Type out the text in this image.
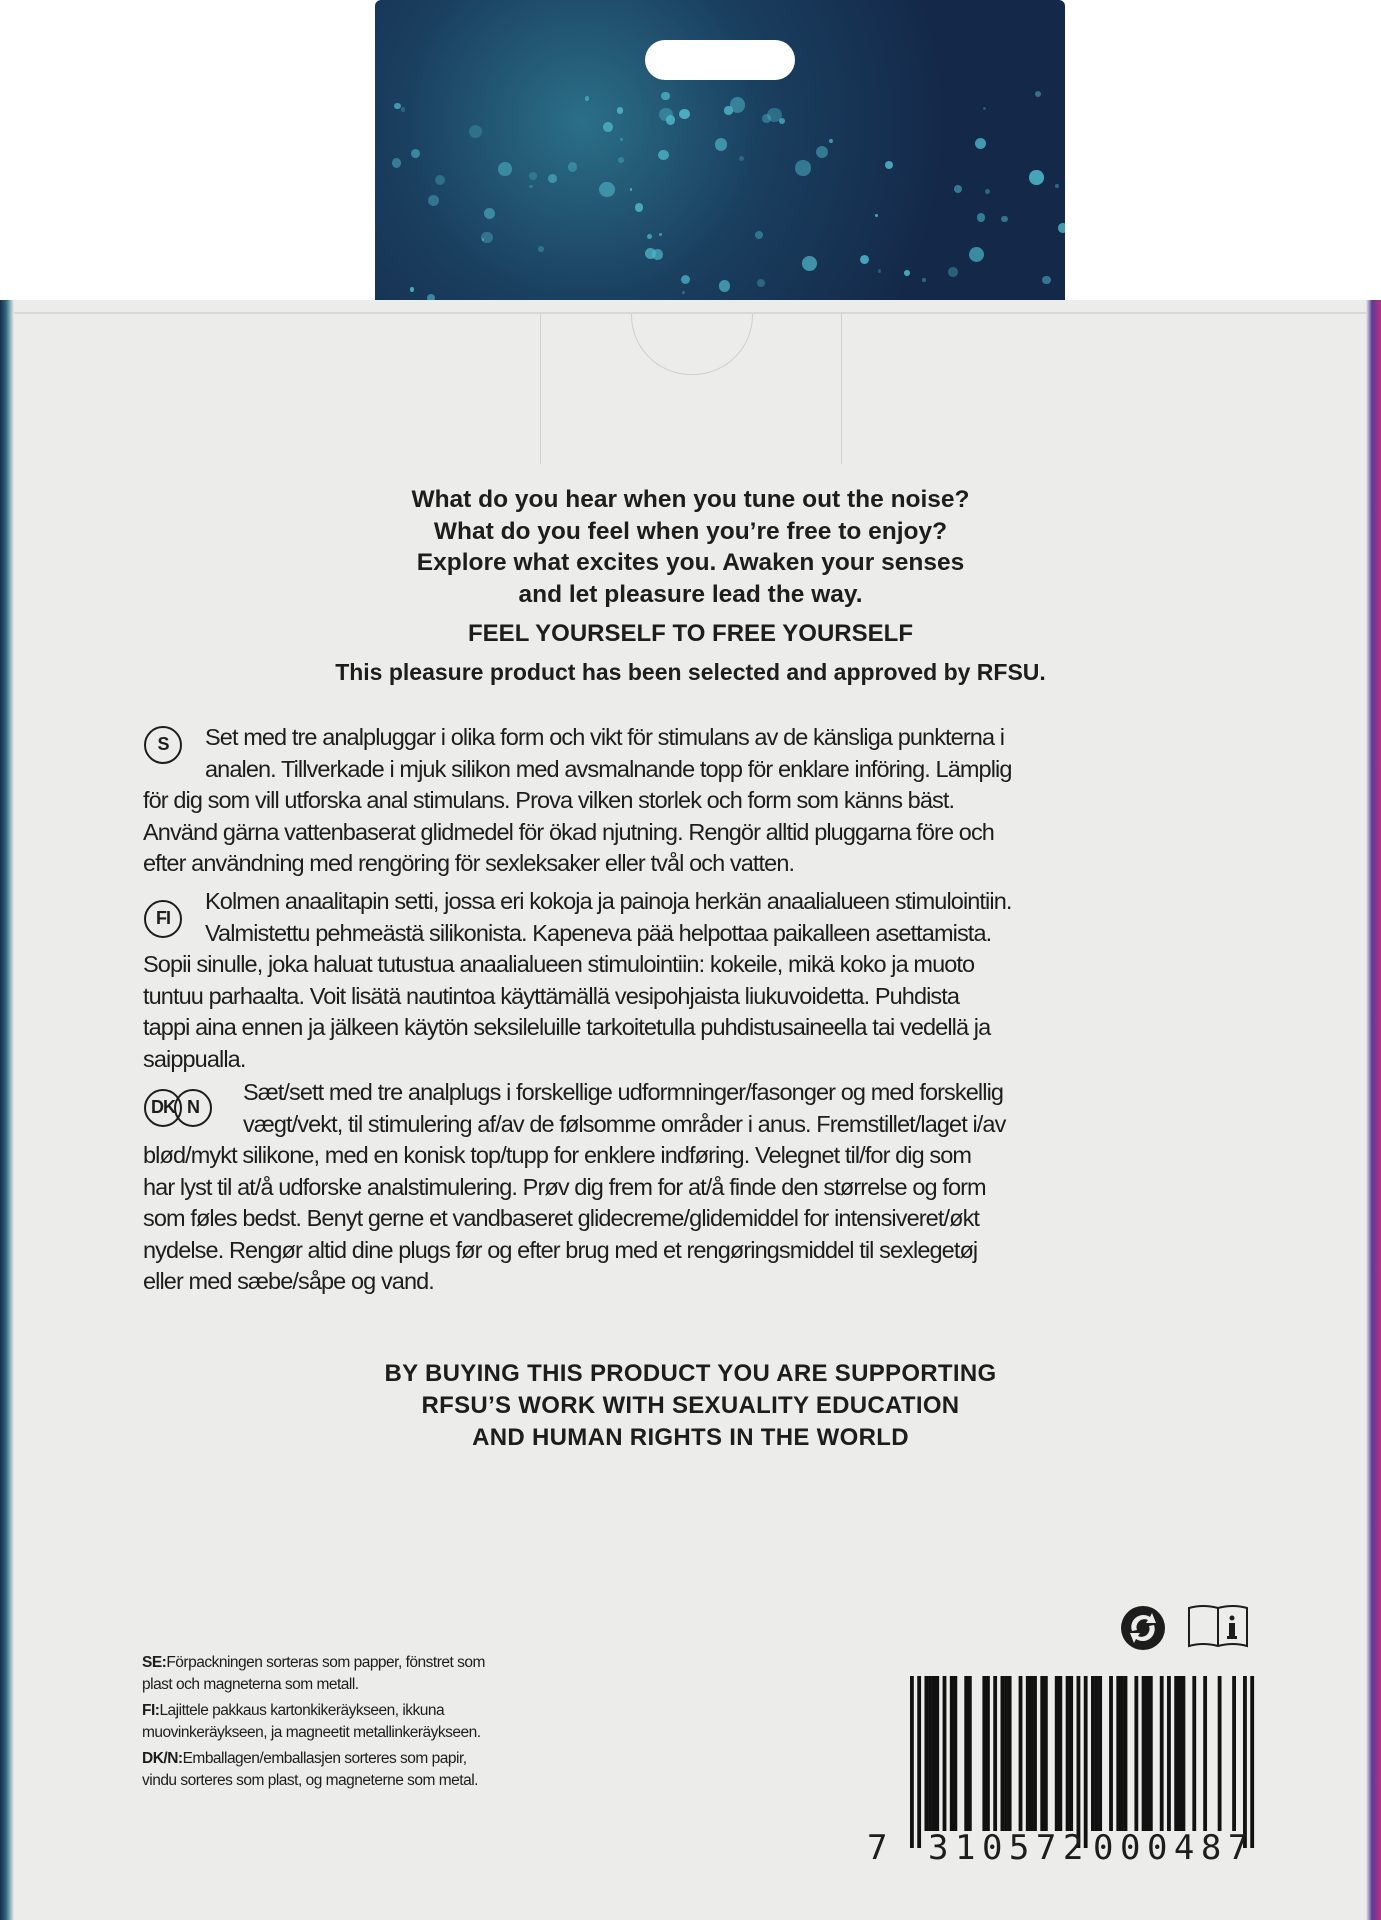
What do you hear when you tune out the noise?
What do you feel when you’re free to enjoy?
Explore what excites you. Awaken your senses
and let pleasure lead the way.
FEEL YOURSELF TO FREE YOURSELF
This pleasure product has been selected and approved by RFSU.
S	Set med tre analpluggar i olika form och vikt för stimulans av de känsliga punkterna i
analen. Tillverkade i mjuk silikon med avsmalnande topp för enklare införing. Lämplig
för dig som vill utforska anal stimulans. Prova vilken storlek och form som känns bäst.
Använd gärna vattenbaserat glidmedel för ökad njutning. Rengör alltid pluggarna före och
efter användning med rengöring för sexleksaker eller tvål och vatten.
FI
Kolmen anaalitapin setti, jossa eri kokoja ja painoja herkän anaalialueen stimulointiin.
Valmistettu pehmeästä silikonista. Kapeneva pää helpottaa paikalleen asettamista.
Sopii sinulle, joka haluat tutustua anaalialueen stimulointiin: kokeile, mikä koko ja muoto
tuntuu parhaalta. Voit lisätä nautintoa käyttämällä vesipohjaista liukuvoidetta. Puhdista
tappi aina ennen ja jälkeen käytön seksileluille tarkoitetulla puhdistusaineella tai vedellä ja
saippualla.
DK N
Sæt/sett med tre analplugs i forskellige udformninger/fasonger og med forskellig
vægt/vekt, til stimulering af/av de følsomme områder i anus. Fremstillet/laget i/av
blød/mykt silikone, med en konisk top/tupp for enklere indføring. Velegnet til/for dig som
har lyst til at/å udforske analstimulering. Prøv dig frem for at/å finde den størrelse og form
som føles bedst. Benyt gerne et vandbaseret glidecreme/glidemiddel for intensiveret/økt
nydelse. Rengør altid dine plugs før og efter brug med et rengøringsmiddel til sexlegetøj
eller med sæbe/såpe og vand.
BY BUYING THIS PRODUCT YOU ARE SUPPORTING
RFSU’S WORK WITH SEXUALITY EDUCATION
AND HUMAN RIGHTS IN THE WORLD
SE:Förpackningen sorteras som papper, fönstret som
plast och magneterna som metall.
FI:Lajittele pakkaus kartonkikeräykseen, ikkuna
muovinkeräykseen, ja magneetit metallinkeräykseen.
DK/N:Emballagen/emballasjen sorteres som papir,
vindu sorteres som plast, og magneterne som metal.
7 310572 000487
